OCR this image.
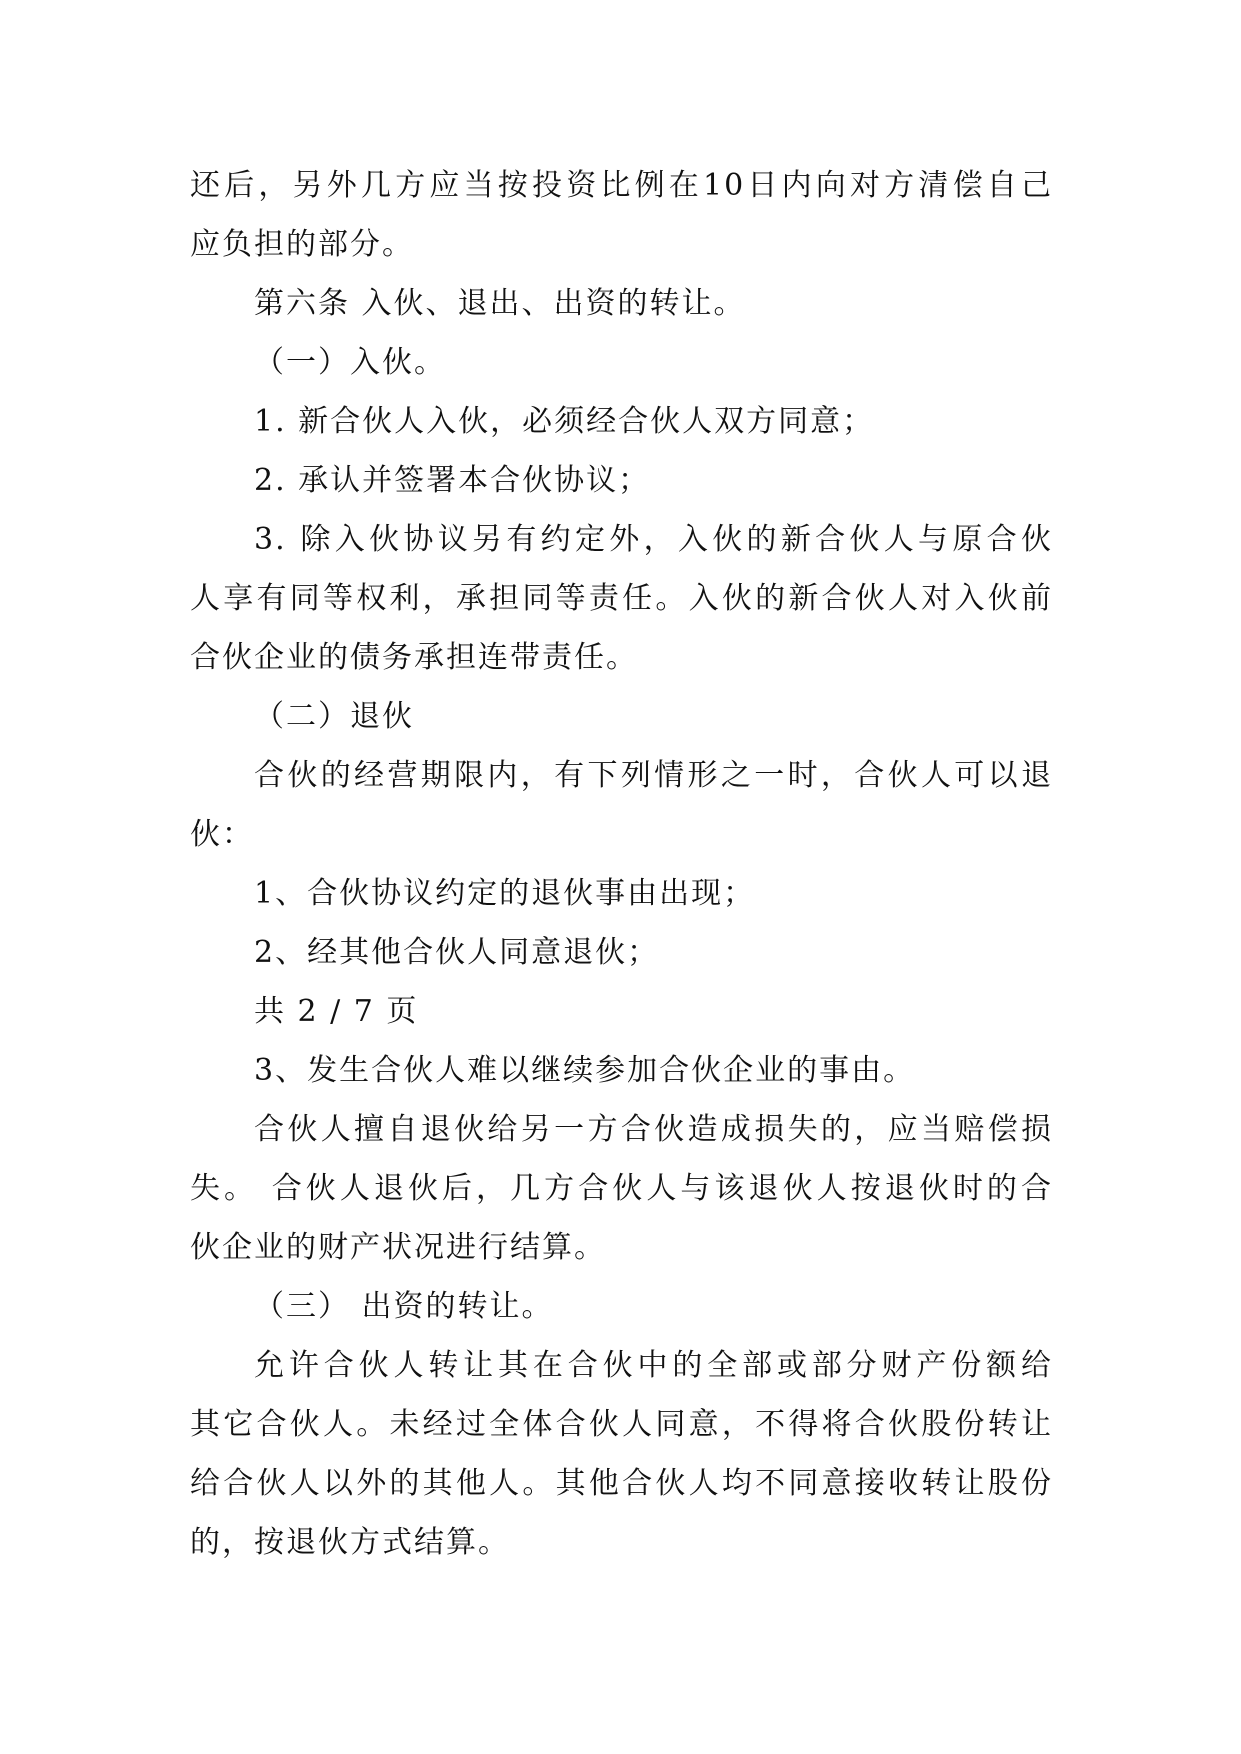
还后，另外几方应当按投资比例在10日内向对方清偿自己
应负担的部分。
第六条 入伙、退出、出资的转让。
（一）入伙。
1. 新合伙人入伙，必须经合伙人双方同意；
2. 承认并签署本合伙协议；
3. 除入伙协议另有约定外，入伙的新合伙人与原合伙
人享有同等权利，承担同等责任。入伙的新合伙人对入伙前
合伙企业的债务承担连带责任。
（二）退伙
合伙的经营期限内，有下列情形之一时，合伙人可以退
伙：
1、合伙协议约定的退伙事由出现；
2、经其他合伙人同意退伙；
共 2 / 7 页
3、发生合伙人难以继续参加合伙企业的事由。
合伙人擅自退伙给另一方合伙造成损失的，应当赔偿损
失。 合伙人退伙后，几方合伙人与该退伙人按退伙时的合
伙企业的财产状况进行结算。
（三） 出资的转让。
允许合伙人转让其在合伙中的全部或部分财产份额给
其它合伙人。未经过全体合伙人同意，不得将合伙股份转让
给合伙人以外的其他人。其他合伙人均不同意接收转让股份
的，按退伙方式结算。
